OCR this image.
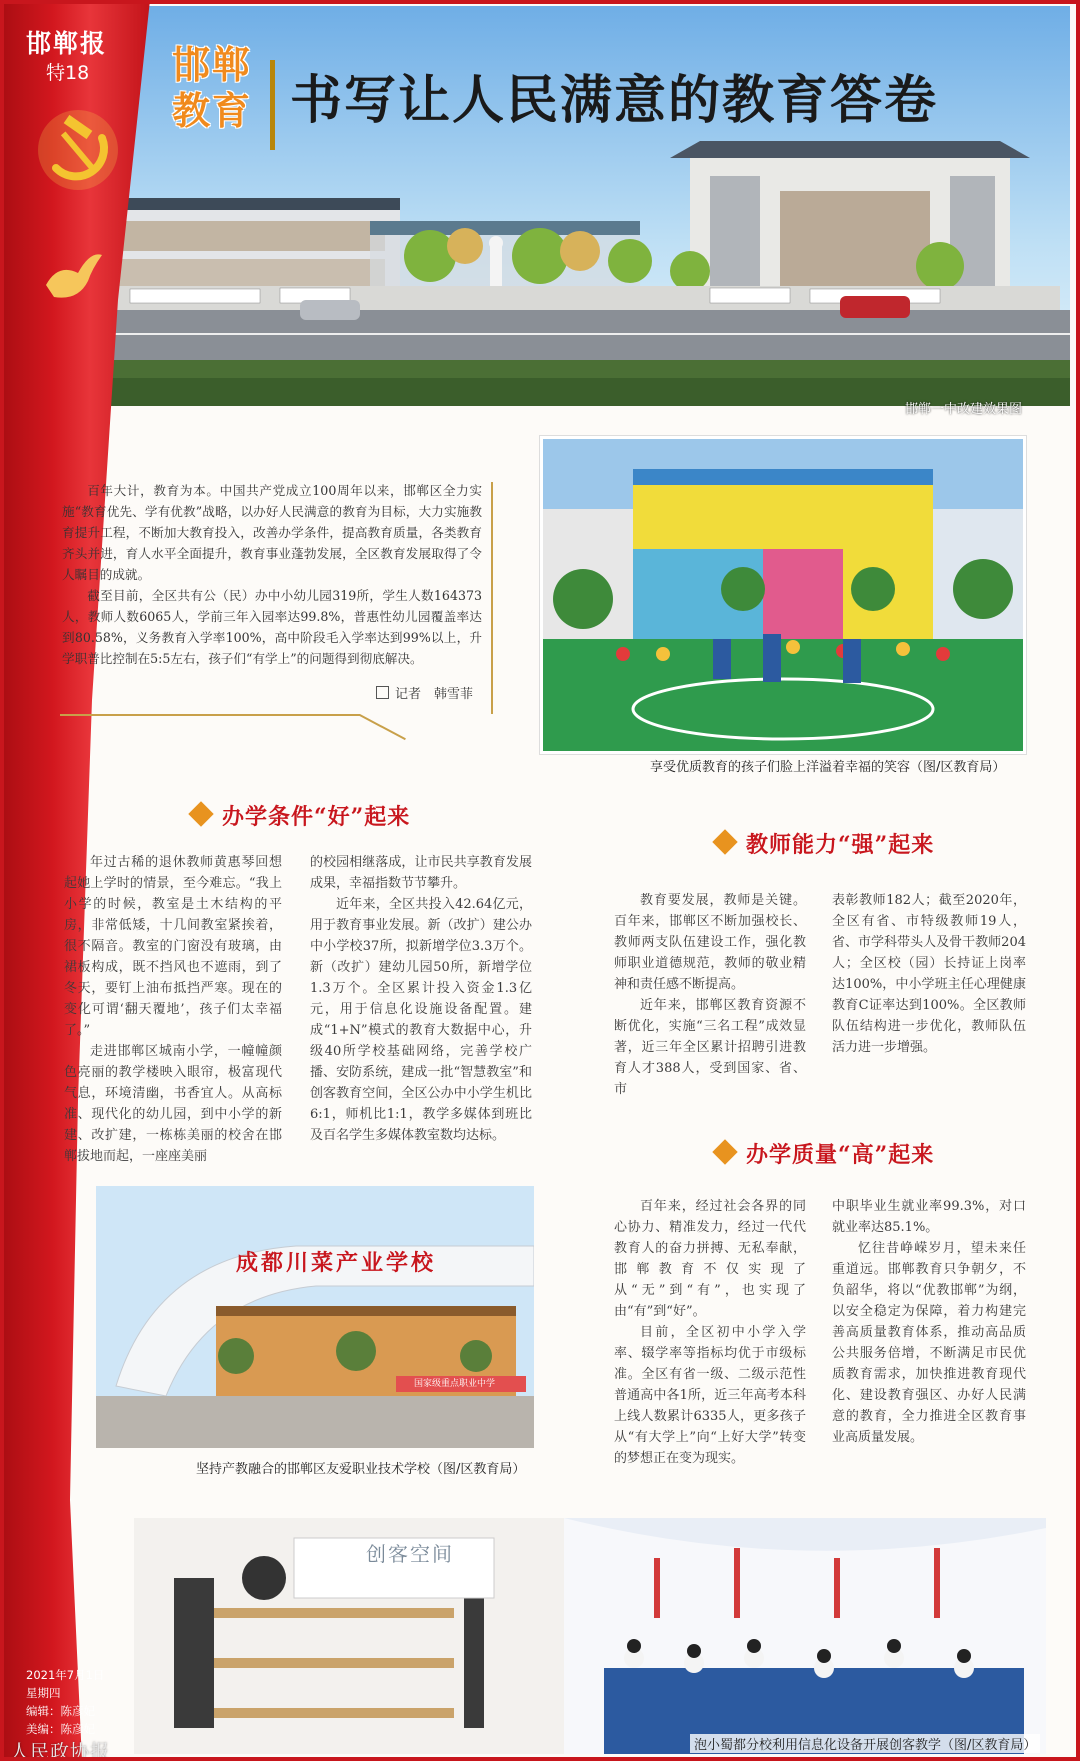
邯郸报
特18 邯郸
教育 书写让人民满意的教育答卷
邯郸一中改建效果图

百年大计，教育为本。中国共产党成立100周年以来，邯郸区全力实施“教育优先、学有优教”战略，以办好人民满意的教育为目标，大力实施教育提升工程，不断加大教育投入，改善办学条件，提高教育质量，各类教育齐头并进，育人水平全面提升，教育事业蓬勃发展，全区教育发展取得了令人瞩目的成就。

截至目前，全区共有公（民）办中小幼儿园319所，学生人数164373人，教师人数6065人，学前三年入园率达99.8%，普惠性幼儿园覆盖率达到80.58%，义务教育入学率100%，高中阶段毛入学率达到99%以上，升学职普比控制在5:5左右，孩子们“有学上”的问题得到彻底解决。

记者　韩雪菲
享受优质教育的孩子们脸上洋溢着幸福的笑容（图/区教育局）
办学条件“好”起来

年过古稀的退休教师黄惠琴回想起她上学时的情景，至今难忘。“我上小学的时候，教室是土木结构的平房，非常低矮，十几间教室紧挨着，很不隔音。教室的门窗没有玻璃，由裙板构成，既不挡风也不遮雨，到了冬天，要钉上油布抵挡严寒。现在的变化可谓‘翻天覆地’，孩子们太幸福了。”

走进邯郸区城南小学，一幢幢颜色亮丽的教学楼映入眼帘，极富现代气息，环境清幽，书香宜人。从高标准、现代化的幼儿园，到中小学的新建、改扩建，一栋栋美丽的校舍在邯郸拔地而起，一座座美丽

的校园相继落成，让市民共享教育发展成果，幸福指数节节攀升。

近年来，全区共投入42.64亿元，用于教育事业发展。新（改扩）建公办中小学校37所，拟新增学位3.3万个。新（改扩）建幼儿园50所，新增学位1.3万个。全区累计投入资金1.3亿元，用于信息化设施设备配置。建成“1+N”模式的教育大数据中心，升级40所学校基础网络，完善学校广播、安防系统，建成一批“智慧教室”和创客教育空间，全区公办中小学生机比6:1，师机比1:1，教学多媒体到班比及百名学生多媒体教室数均达标。

教师能力“强”起来

教育要发展，教师是关键。百年来，邯郸区不断加强校长、教师两支队伍建设工作，强化教师职业道德规范，教师的敬业精神和责任感不断提高。

近年来，邯郸区教育资源不断优化，实施“三名工程”成效显著，近三年全区累计招聘引进教育人才388人，受到国家、省、市

表彰教师182人；截至2020年，全区有省、市特级教师19人，省、市学科带头人及骨干教师204人；全区校（园）长持证上岗率达100%，中小学班主任心理健康教育C证率达到100%。全区教师队伍结构进一步优化，教师队伍活力进一步增强。

办学质量“高”起来

百年来，经过社会各界的同心协力、精准发力，经过一代代教育人的奋力拼搏、无私奉献，邯郸教育不仅实现了从“无”到“有”，也实现了由“有”到“好”。

目前，全区初中小学入学率、辍学率等指标均优于市级标准。全区有省一级、二级示范性普通高中各1所，近三年高考本科上线人数累计6335人，更多孩子从“有大学上”向“上好大学”转变的梦想正在变为现实。

中职毕业生就业率99.3%，对口就业率达85.1%。

忆往昔峥嵘岁月，望未来任重道远。邯郸教育只争朝夕，不负韶华，将以“优教邯郸”为纲，以安全稳定为保障，着力构建完善高质量教育体系，推动高品质公共服务倍增，不断满足市民优质教育需求，加快推进教育现代化、建设教育强区、办好人民满意的教育，全力推进全区教育事业高质量发展。

成都川菜产业学校
国家级重点职业中学
坚持产教融合的邯郸区友爱职业技术学校（图/区教育局）
创客空间
泡小蜀都分校利用信息化设备开展创客教学（图/区教育局）
2021年7月1日
星期四
编辑：陈彦妃
美编：陈彦妃
人民政协报
